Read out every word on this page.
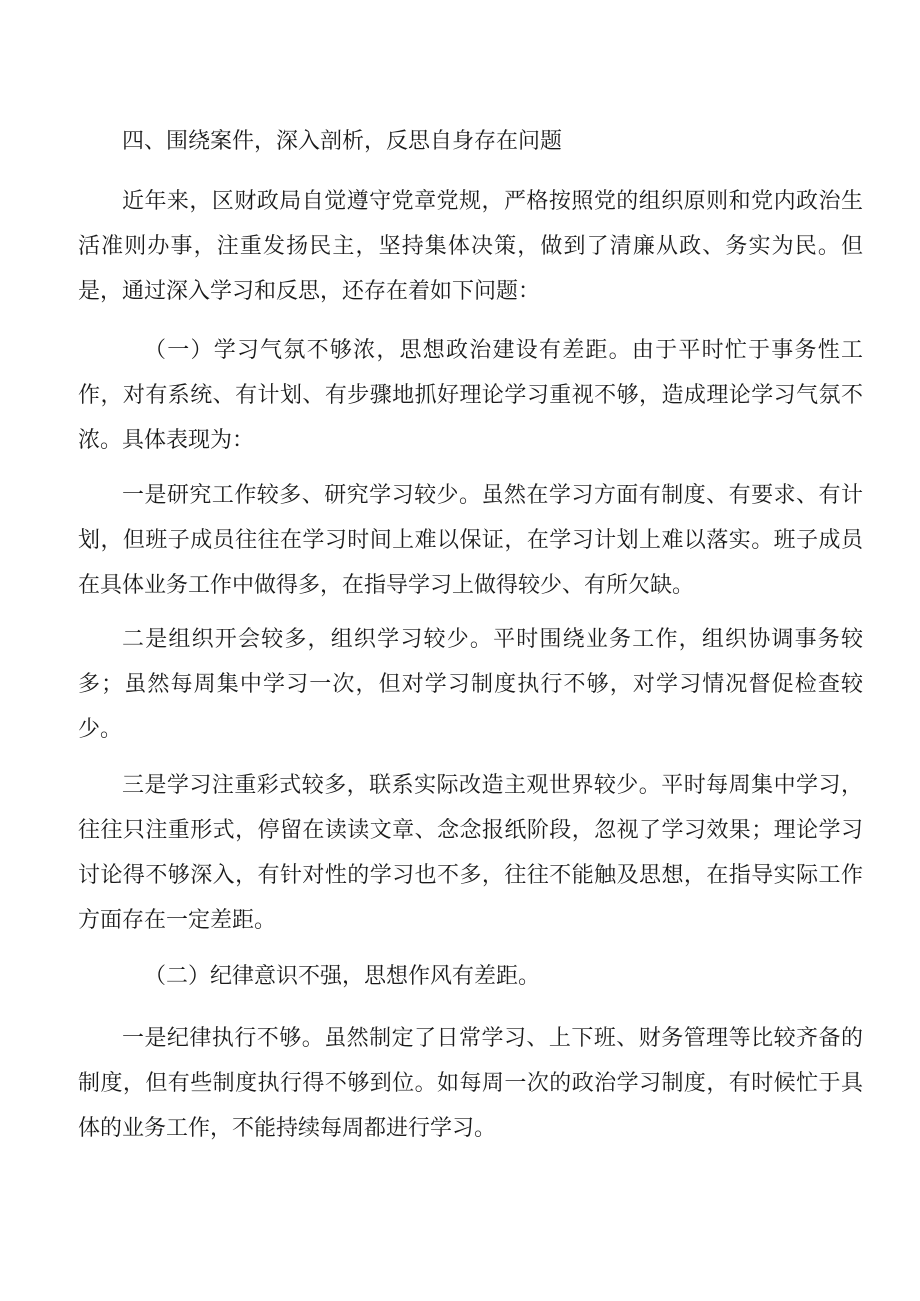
四、围绕案件，深入剖析，反思自身存在问题

近年来，区财政局自觉遵守党章党规，严格按照党的组织原则和党内政治生活准则办事，注重发扬民主，坚持集体决策，做到了清廉从政、务实为民。但是，通过深入学习和反思，还存在着如下问题：

（一）学习气氛不够浓，思想政治建设有差距。由于平时忙于事务性工作，对有系统、有计划、有步骤地抓好理论学习重视不够，造成理论学习气氛不浓。具体表现为：

一是研究工作较多、研究学习较少。虽然在学习方面有制度、有要求、有计划，但班子成员往往在学习时间上难以保证，在学习计划上难以落实。班子成员在具体业务工作中做得多，在指导学习上做得较少、有所欠缺。

二是组织开会较多，组织学习较少。平时围绕业务工作，组织协调事务较多；虽然每周集中学习一次，但对学习制度执行不够，对学习情况督促检查较少。

三是学习注重彩式较多，联系实际改造主观世界较少。平时每周集中学习，往往只注重形式，停留在读读文章、念念报纸阶段，忽视了学习效果；理论学习讨论得不够深入，有针对性的学习也不多，往往不能触及思想，在指导实际工作方面存在一定差距。

（二）纪律意识不强，思想作风有差距。

一是纪律执行不够。虽然制定了日常学习、上下班、财务管理等比较齐备的制度，但有些制度执行得不够到位。如每周一次的政治学习制度，有时候忙于具体的业务工作，不能持续每周都进行学习。
